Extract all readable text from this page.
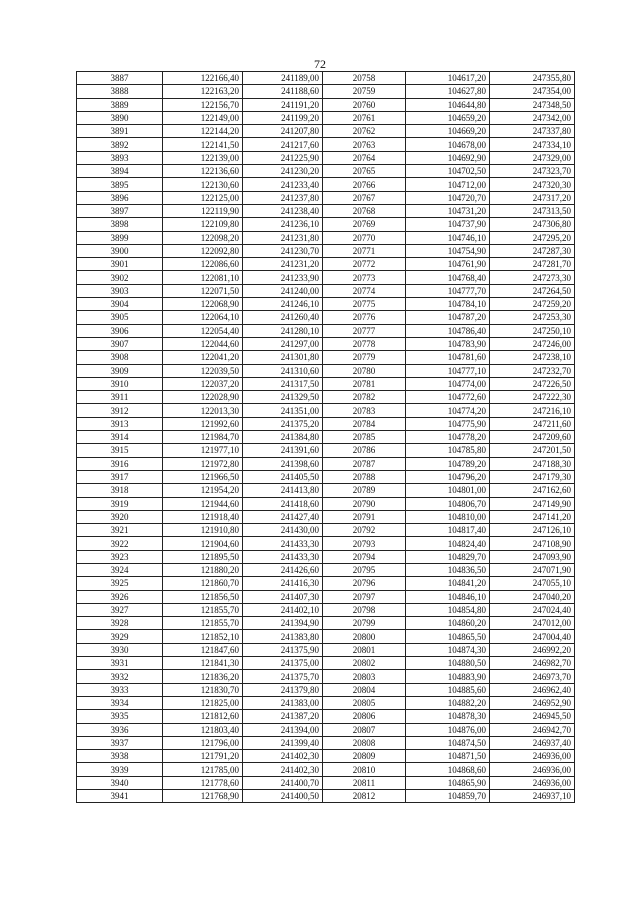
72
3887	122166,40	241189,00	20758	104617,20	247355,80
3888	122163,20	241188,60	20759	104627,80	247354,00
3889	122156,70	241191,20	20760	104644,80	247348,50
3890	122149,00	241199,20	20761	104659,20	247342,00
3891	122144,20	241207,80	20762	104669,20	247337,80
3892	122141,50	241217,60	20763	104678,00	247334,10
3893	122139,00	241225,90	20764	104692,90	247329,00
3894	122136,60	241230,20	20765	104702,50	247323,70
3895	122130,60	241233,40	20766	104712,00	247320,30
3896	122125,00	241237,80	20767	104720,70	247317,20
3897	122119,90	241238,40	20768	104731,20	247313,50
3898	122109,80	241236,10	20769	104737,90	247306,80
3899	122098,20	241231,80	20770	104746,10	247295,20
3900	122092,80	241230,70	20771	104754,90	247287,30
3901	122086,60	241231,20	20772	104761,90	247281,70
3902	122081,10	241233,90	20773	104768,40	247273,30
3903	122071,50	241240,00	20774	104777,70	247264,50
3904	122068,90	241246,10	20775	104784,10	247259,20
3905	122064,10	241260,40	20776	104787,20	247253,30
3906	122054,40	241280,10	20777	104786,40	247250,10
3907	122044,60	241297,00	20778	104783,90	247246,00
3908	122041,20	241301,80	20779	104781,60	247238,10
3909	122039,50	241310,60	20780	104777,10	247232,70
3910	122037,20	241317,50	20781	104774,00	247226,50
3911	122028,90	241329,50	20782	104772,60	247222,30
3912	122013,30	241351,00	20783	104774,20	247216,10
3913	121992,60	241375,20	20784	104775,90	247211,60
3914	121984,70	241384,80	20785	104778,20	247209,60
3915	121977,10	241391,60	20786	104785,80	247201,50
3916	121972,80	241398,60	20787	104789,20	247188,30
3917	121966,50	241405,50	20788	104796,20	247179,30
3918	121954,20	241413,80	20789	104801,00	247162,60
3919	121944,60	241418,60	20790	104806,70	247149,90
3920	121918,40	241427,40	20791	104810,00	247141,20
3921	121910,80	241430,00	20792	104817,40	247126,10
3922	121904,60	241433,30	20793	104824,40	247108,90
3923	121895,50	241433,30	20794	104829,70	247093,90
3924	121880,20	241426,60	20795	104836,50	247071,90
3925	121860,70	241416,30	20796	104841,20	247055,10
3926	121856,50	241407,30	20797	104846,10	247040,20
3927	121855,70	241402,10	20798	104854,80	247024,40
3928	121855,70	241394,90	20799	104860,20	247012,00
3929	121852,10	241383,80	20800	104865,50	247004,40
3930	121847,60	241375,90	20801	104874,30	246992,20
3931	121841,30	241375,00	20802	104880,50	246982,70
3932	121836,20	241375,70	20803	104883,90	246973,70
3933	121830,70	241379,80	20804	104885,60	246962,40
3934	121825,00	241383,00	20805	104882,20	246952,90
3935	121812,60	241387,20	20806	104878,30	246945,50
3936	121803,40	241394,00	20807	104876,00	246942,70
3937	121796,00	241399,40	20808	104874,50	246937,40
3938	121791,20	241402,30	20809	104871,50	246936,00
3939	121785,00	241402,30	20810	104868,60	246936,00
3940	121778,60	241400,70	20811	104865,90	246936,00
3941	121768,90	241400,50	20812	104859,70	246937,10
